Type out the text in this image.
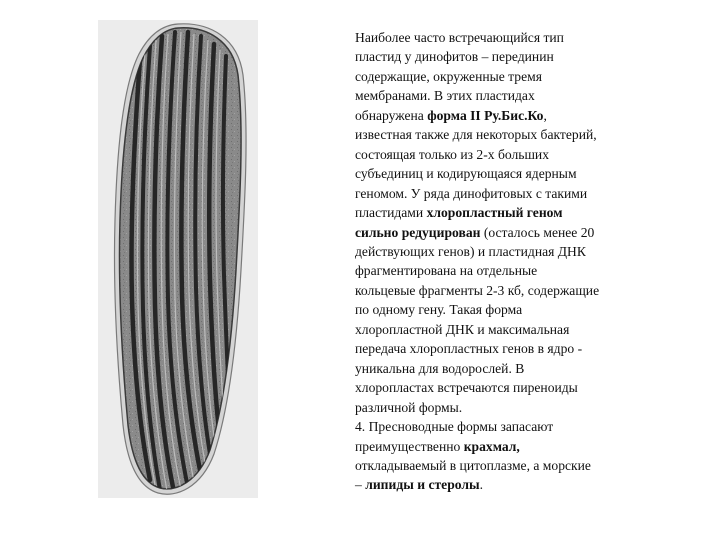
Наиболее часто встречающийся тип
пластид у динофитов – перединин
содержащие, окруженные тремя
мембранами. В этих пластидах
обнаружена форма II Ру.Бис.Ко,
известная также для некоторых бактерий,
состоящая только из 2-х больших
субъединиц и кодирующаяся ядерным
геномом. У ряда динофитовых с такими
пластидами хлоропластный геном
сильно редуцирован (осталось менее 20
действующих генов) и пластидная ДНК
фрагментирована на отдельные
кольцевые фрагменты 2-3 кб, содержащие
по одному гену. Такая форма
хлоропластной ДНК и максимальная
передача хлоропластных генов в ядро -
уникальна для водорослей. В
хлоропластах встречаются пиреноиды
различной формы.
4. Пресноводные формы запасают
преимущественно крахмал,
откладываемый в цитоплазме, а морские
– липиды и стеролы.
